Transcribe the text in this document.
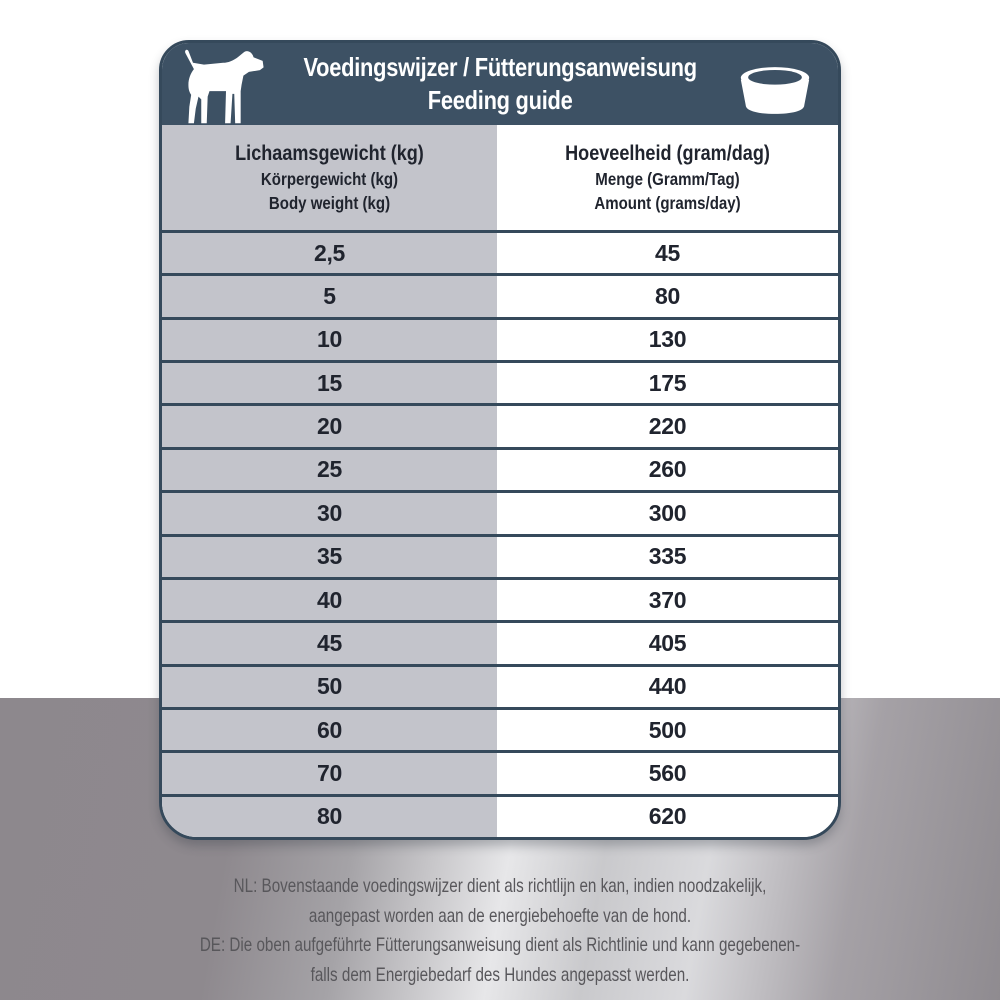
Voedingswijzer / Fütterungsanweisung
Feeding guide
Lichaamsgewicht (kg)
Körpergewicht (kg)
Body weight (kg)
Hoeveelheid (gram/dag)
Menge (Gramm/Tag)
Amount (grams/day)
2,5	45
5	80
10	130
15	175
20	220
25	260
30	300
35	335
40	370
45	405
50	440
60	500
70	560
80	620
NL: Bovenstaande voedingswijzer dient als richtlijn en kan, indien noodzakelijk,
aangepast worden aan de energiebehoefte van de hond.
DE: Die oben aufgeführte Fütterungsanweisung dient als Richtlinie und kann gegebenen-
falls dem Energiebedarf des Hundes angepasst werden.
